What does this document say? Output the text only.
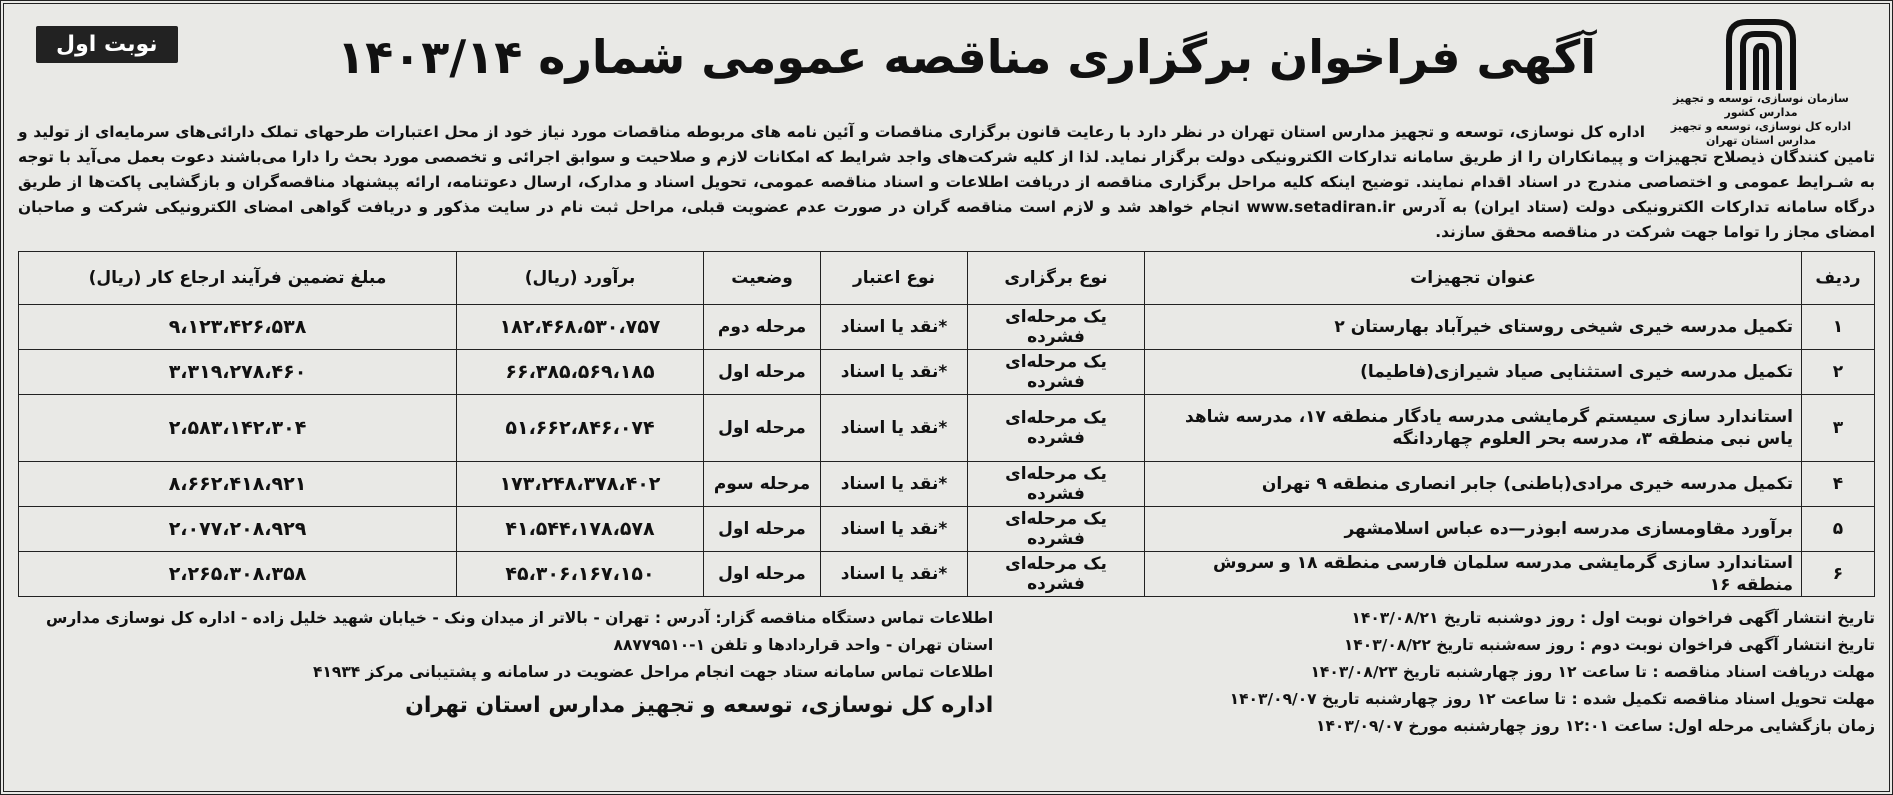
سازمان نوسازی، توسعه و تجهیز مدارس کشور
اداره کل نوسازی، توسعه و تجهیز مدارس استان تهران
آگهی فراخوان برگزاری مناقصه عمومی شماره ۱۴۰۳/۱۴
نوبت اول

اداره کل نوسازی، توسعه و تجهیز مدارس استان تهران در نظر دارد با رعایت قانون برگزاری مناقصات و آئین نامه های مربوطه مناقصات مورد نیاز خود از محل اعتبارات طرحهای تملک دارائی‌های سرمایه‌ای از تولید و تامین کنندگان ذیصلاح تجهیزات و پیمانکاران را از طریق سامانه تدارکات الکترونیکی دولت برگزار نماید. لذا از کلیه شرکت‌های واجد شرایط که امکانات لازم و صلاحیت و سوابق اجرائی و تخصصی مورد بحث را دارا می‌باشند دعوت بعمل می‌آید با توجه به شـرایط عمومی و اختصاصی مندرج در اسناد اقدام نمایند. توضیح اینکه کلیه مراحل برگزاری مناقصه از دریافت اطلاعات و اسناد مناقصه عمومی، تحویل اسناد و مدارک، ارسال دعوتنامه، ارائه پیشنهاد مناقصه‌گران و بازگشایی پاکت‌ها از طریق درگاه سامانه تدارکات الکترونیکی دولت (ستاد ایران) به آدرس www.setadiran.ir انجام خواهد شد و لازم است مناقصه گران در صورت عدم عضویت قبلی، مراحل ثبت نام در سایت مذکور و دریافت گواهی امضای الکترونیکی شرکت و صاحبان امضای مجاز را تواما جهت شرکت در مناقصه محقق سازند.

ردیف	عنوان تجهیزات	نوع برگزاری	نوع اعتبار	وضعیت	برآورد (ریال)	مبلغ تضمین فرآیند ارجاع کار (ریال)
۱	تکمیل مدرسه خیری شیخی روستای خیرآباد بهارستان ۲	یک مرحله‌ای فشرده	*نقد یا اسناد	مرحله دوم	۱۸۲،۴۶۸،۵۳۰،۷۵۷	۹،۱۲۳،۴۲۶،۵۳۸
۲	تکمیل مدرسه خیری استثنایی صیاد شیرازی(فاطیما)	یک مرحله‌ای فشرده	*نقد یا اسناد	مرحله اول	۶۶،۳۸۵،۵۶۹،۱۸۵	۳،۳۱۹،۲۷۸،۴۶۰
۳	استاندارد سازی سیستم گرمایشی مدرسه یادگار منطقه ۱۷، مدرسه شاهد یاس نبی منطقه ۳، مدرسه بحر العلوم چهاردانگه	یک مرحله‌ای فشرده	*نقد یا اسناد	مرحله اول	۵۱،۶۶۲،۸۴۶،۰۷۴	۲،۵۸۳،۱۴۲،۳۰۴
۴	تکمیل مدرسه خیری مرادی(باطنی) جابر انصاری منطقه ۹ تهران	یک مرحله‌ای فشرده	*نقد یا اسناد	مرحله سوم	۱۷۳،۲۴۸،۳۷۸،۴۰۲	۸،۶۶۲،۴۱۸،۹۲۱
۵	برآورد مقاومسازی مدرسه ابوذر—ده عباس اسلامشهر	یک مرحله‌ای فشرده	*نقد یا اسناد	مرحله اول	۴۱،۵۴۴،۱۷۸،۵۷۸	۲،۰۷۷،۲۰۸،۹۲۹
۶	استاندارد سازی گرمایشی مدرسه سلمان فارسی منطقه ۱۸ و سروش منطقه ۱۶	یک مرحله‌ای فشرده	*نقد یا اسناد	مرحله اول	۴۵،۳۰۶،۱۶۷،۱۵۰	۲،۲۶۵،۳۰۸،۳۵۸
تاریخ انتشار آگهی فراخوان نوبت اول : روز دوشنبه تاریخ ۱۴۰۳/۰۸/۲۱
تاریخ انتشار آگهی فراخوان نوبت دوم : روز سه‌شنبه تاریخ ۱۴۰۳/۰۸/۲۲
مهلت دریافت اسناد مناقصه : تا ساعت ۱۲ روز چهارشنبه تاریخ ۱۴۰۳/۰۸/۲۳
مهلت تحویل اسناد مناقصه تکمیل شده : تا ساعت ۱۲ روز چهارشنبه تاریخ ۱۴۰۳/۰۹/۰۷
زمان بازگشایی مرحله اول: ساعت ۱۲:۰۱ روز چهارشنبه مورخ ۱۴۰۳/۰۹/۰۷
اطلاعات تماس دستگاه مناقصه گزار: آدرس : تهران - بالاتر از میدان ونک - خیابان شهید خلیل زاده - اداره کل نوسازی مدارس استان تهران - واحد قراردادها و تلفن ۱-۸۸۷۷۹۵۱۰
اطلاعات تماس سامانه ستاد جهت انجام مراحل عضویت در سامانه و پشتیبانی مرکز ۴۱۹۳۴
اداره کل نوسازی، توسعه و تجهیز مدارس استان تهران
